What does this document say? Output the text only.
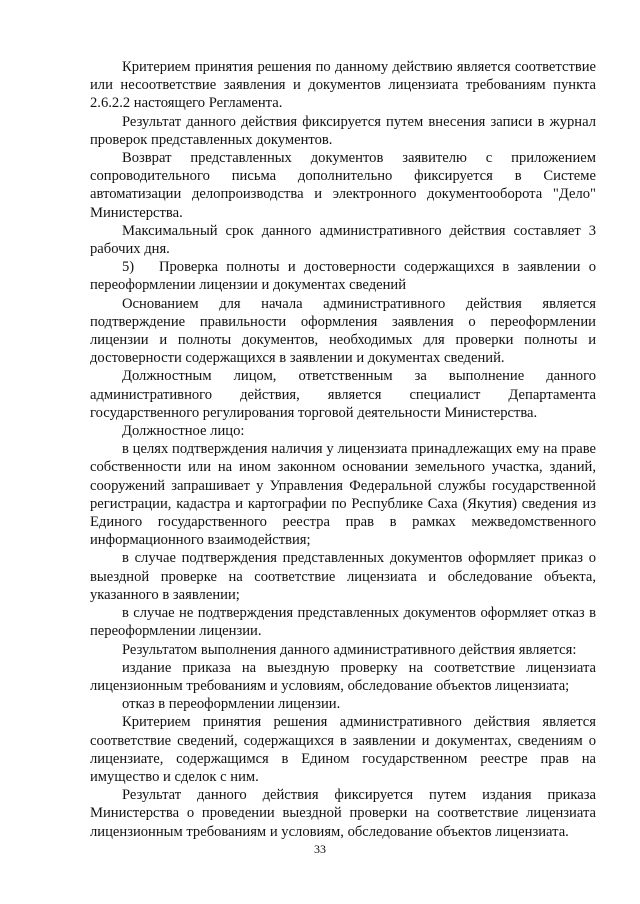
Критерием принятия решения по данному действию является соответствие или несоответствие заявления и документов лицензиата требованиям пункта 2.6.2.2 настоящего Регламента.

Результат данного действия фиксируется путем внесения записи в журнал проверок представленных документов.

Возврат представленных документов заявителю с приложением сопроводительного письма дополнительно фиксируется в Системе автоматизации делопроизводства и электронного документооборота "Дело" Министерства.

Максимальный срок данного административного действия составляет 3 рабочих дня.

5)   Проверка полноты и достоверности содержащихся в заявлении о переоформлении лицензии и документах сведений

Основанием для начала административного действия является подтверждение правильности оформления заявления о переоформлении лицензии и полноты документов, необходимых для проверки полноты и достоверности содержащихся в заявлении и документах сведений.

Должностным лицом, ответственным за выполнение данного административного действия, является специалист Департамента государственного регулирования торговой деятельности Министерства.

Должностное лицо:

в целях подтверждения наличия у лицензиата принадлежащих ему на праве собственности или на ином законном основании земельного участка, зданий, сооружений запрашивает у Управления Федеральной службы государственной регистрации, кадастра и картографии по Республике Саха (Якутия) сведения из Единого государственного реестра прав в рамках межведомственного информационного взаимодействия;

в случае подтверждения представленных документов оформляет приказ о выездной проверке на соответствие лицензиата и обследование объекта, указанного в заявлении;

в случае не подтверждения представленных документов оформляет отказ в переоформлении лицензии.

Результатом выполнения данного административного действия является:

издание приказа на выездную проверку на соответствие лицензиата лицензионным требованиям и условиям, обследование объектов лицензиата;

отказ в переоформлении лицензии.

Критерием принятия решения административного действия является соответствие сведений, содержащихся в заявлении и документах, сведениям о лицензиате, содержащимся в Едином государственном реестре прав на имущество и сделок с ним.

Результат данного действия фиксируется путем издания приказа Министерства о проведении выездной проверки на соответствие лицензиата лицензионным требованиям и условиям, обследование объектов лицензиата.

33
